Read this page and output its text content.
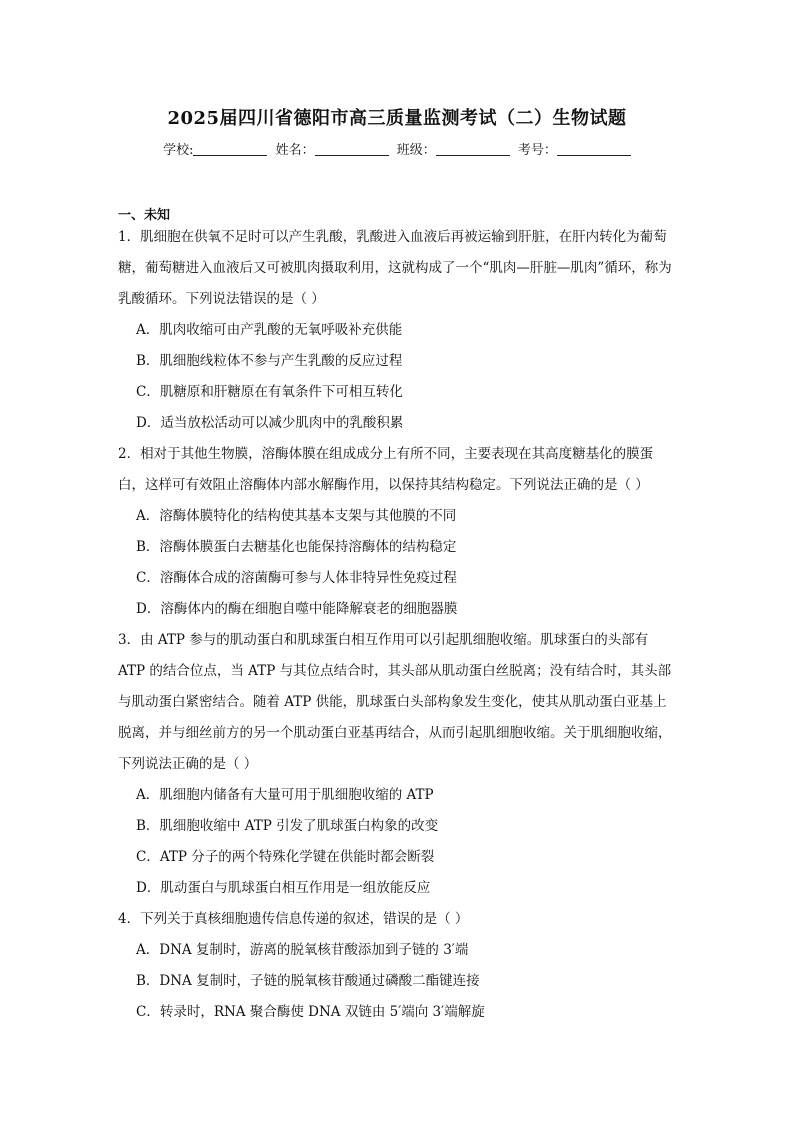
2025届四川省德阳市高三质量监测考试（二）生物试题
学校:	姓名：	班级：	考号：
一、未知

1．肌细胞在供氧不足时可以产生乳酸，乳酸进入血液后再被运输到肝脏，在肝内转化为葡萄糖，葡萄糖进入血液后又可被肌肉摄取利用，这就构成了一个“肌肉—肝脏—肌肉”循环，称为乳酸循环。下列说法错误的是（ ）

A．肌肉收缩可由产乳酸的无氧呼吸补充供能

B．肌细胞线粒体不参与产生乳酸的反应过程

C．肌糖原和肝糖原在有氧条件下可相互转化

D．适当放松活动可以减少肌肉中的乳酸积累

2．相对于其他生物膜，溶酶体膜在组成成分上有所不同，主要表现在其高度糖基化的膜蛋白，这样可有效阻止溶酶体内部水解酶作用，以保持其结构稳定。下列说法正确的是（ ）

A．溶酶体膜特化的结构使其基本支架与其他膜的不同

B．溶酶体膜蛋白去糖基化也能保持溶酶体的结构稳定

C．溶酶体合成的溶菌酶可参与人体非特异性免疫过程

D．溶酶体内的酶在细胞自噬中能降解衰老的细胞器膜

3．由 ATP 参与的肌动蛋白和肌球蛋白相互作用可以引起肌细胞收缩。肌球蛋白的头部有 ATP 的结合位点，当 ATP 与其位点结合时，其头部从肌动蛋白丝脱离；没有结合时，其头部与肌动蛋白紧密结合。随着 ATP 供能，肌球蛋白头部构象发生变化，使其从肌动蛋白亚基上脱离，并与细丝前方的另一个肌动蛋白亚基再结合，从而引起肌细胞收缩。关于肌细胞收缩，下列说法正确的是（ ）

A．肌细胞内储备有大量可用于肌细胞收缩的 ATP

B．肌细胞收缩中 ATP 引发了肌球蛋白构象的改变

C．ATP 分子的两个特殊化学键在供能时都会断裂

D．肌动蛋白与肌球蛋白相互作用是一组放能反应

4．下列关于真核细胞遗传信息传递的叙述，错误的是（ ）

A．DNA 复制时，游离的脱氧核苷酸添加到子链的 3′端

B．DNA 复制时，子链的脱氧核苷酸通过磷酸二酯键连接

C．转录时，RNA 聚合酶使 DNA 双链由 5′端向 3′端解旋
